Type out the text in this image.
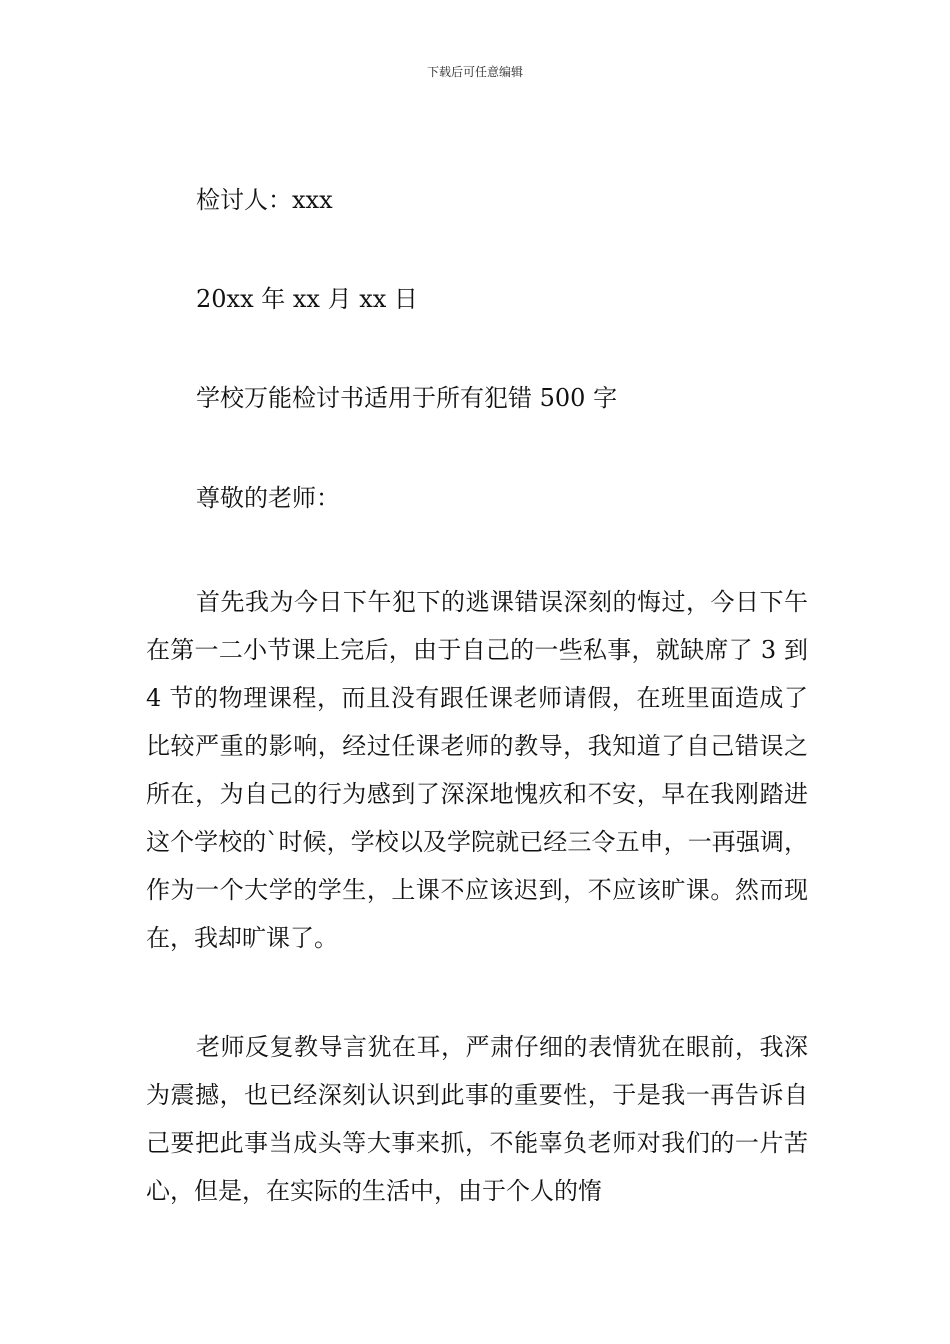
下载后可任意编辑
检讨人：xxx
20xx 年 xx 月 xx 日
学校万能检讨书适用于所有犯错 500 字
尊敬的老师：

首先我为今日下午犯下的逃课错误深刻的悔过，今日下午在第一二小节课上完后，由于自己的一些私事，就缺席了 3 到 4 节的物理课程，而且没有跟任课老师请假，在班里面造成了比较严重的影响，经过任课老师的教导，我知道了自己错误之所在，为自己的行为感到了深深地愧疚和不安，早在我刚踏进这个学校的`时候，学校以及学院就已经三令五申，一再强调，作为一个大学的学生，上课不应该迟到，不应该旷课。然而现在，我却旷课了。

老师反复教导言犹在耳，严肃仔细的表情犹在眼前，我深为震撼，也已经深刻认识到此事的重要性，于是我一再告诉自己要把此事当成头等大事来抓，不能辜负老师对我们的一片苦心，但是，在实际的生活中，由于个人的惰
